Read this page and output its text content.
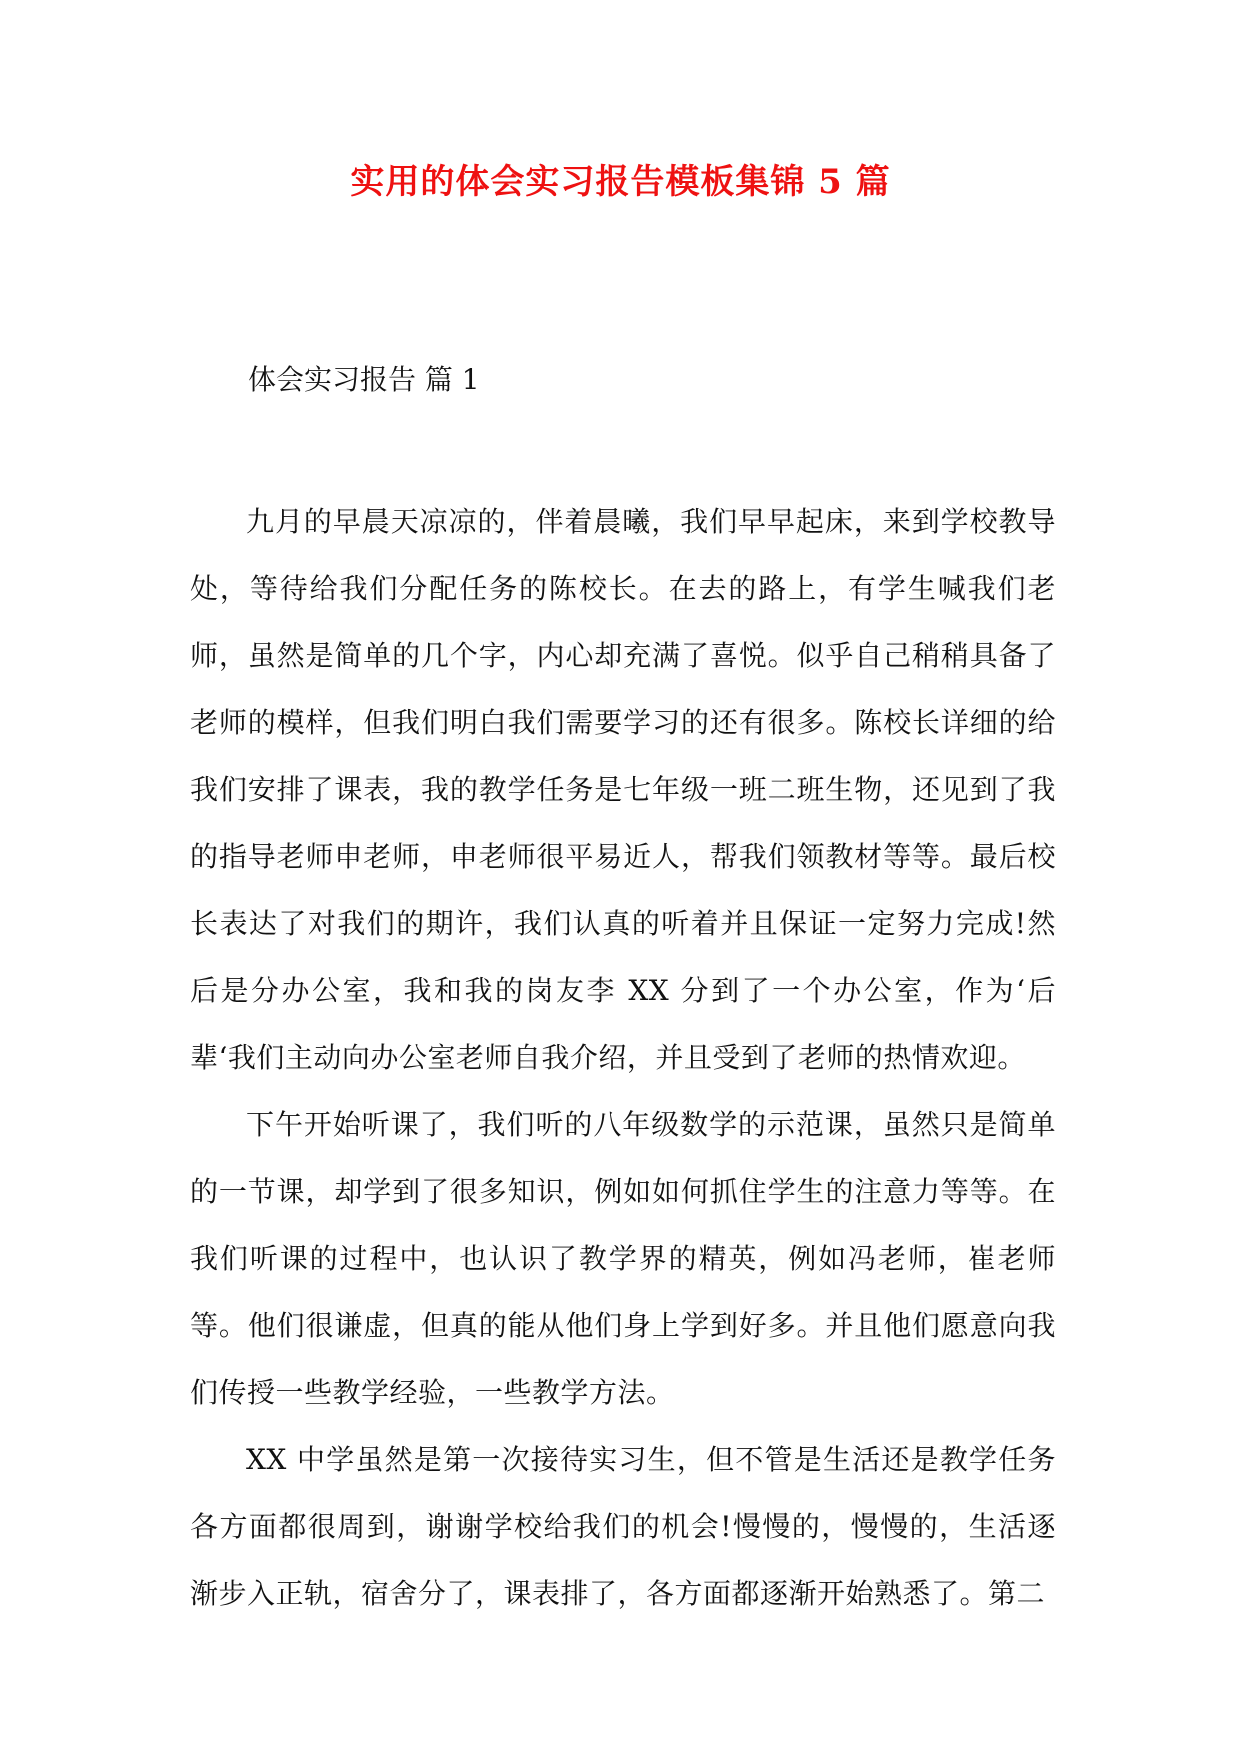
实用的体会实习报告模板集锦 5 篇
体会实习报告 篇 1

九月的早晨天凉凉的，伴着晨曦，我们早早起床，来到学校教导处，等待给我们分配任务的陈校长。在去的路上，有学生喊我们老师，虽然是简单的几个字，内心却充满了喜悦。似乎自己稍稍具备了老师的模样，但我们明白我们需要学习的还有很多。陈校长详细的给我们安排了课表，我的教学任务是七年级一班二班生物，还见到了我的指导老师申老师，申老师很平易近人，帮我们领教材等等。最后校长表达了对我们的期许，我们认真的听着并且保证一定努力完成!然后是分办公室，我和我的岗友李 XX 分到了一个办公室，作为‘后辈‘我们主动向办公室老师自我介绍，并且受到了老师的热情欢迎。

下午开始听课了，我们听的八年级数学的示范课，虽然只是简单的一节课，却学到了很多知识，例如如何抓住学生的注意力等等。在我们听课的过程中，也认识了教学界的精英，例如冯老师，崔老师等。他们很谦虚，但真的能从他们身上学到好多。并且他们愿意向我们传授一些教学经验，一些教学方法。

XX 中学虽然是第一次接待实习生，但不管是生活还是教学任务各方面都很周到，谢谢学校给我们的机会!慢慢的，慢慢的，生活逐渐步入正轨，宿舍分了，课表排了，各方面都逐渐开始熟悉了。第二
